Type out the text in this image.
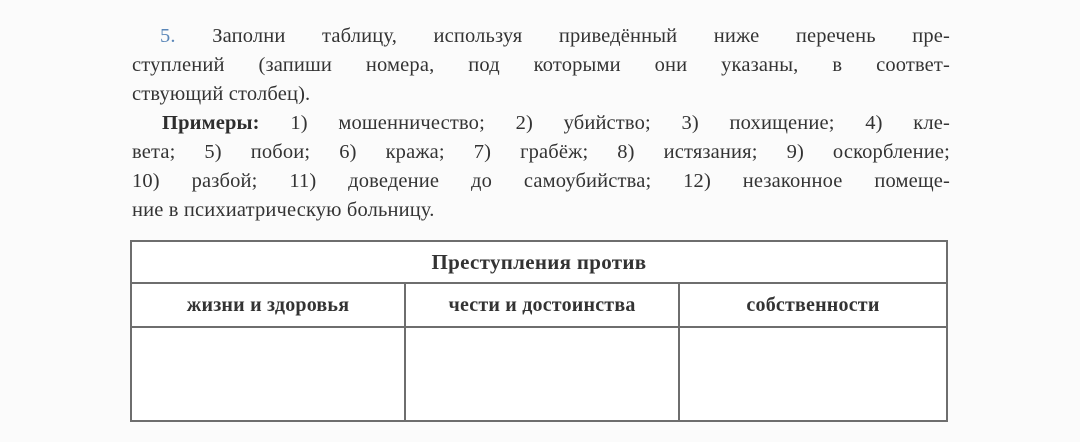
5. Заполни таблицу, используя приведённый ниже перечень пре-
ступлений (запиши номера, под которыми они указаны, в соответ-
ствующий столбец).
Примеры: 1) мошенничество; 2) убийство; 3) похищение; 4) кле-
вета; 5) побои; 6) кража; 7) грабёж; 8) истязания; 9) оскорбление;
10) разбой; 11) доведение до самоубийства; 12) незаконное помеще-
ние в психиатрическую больницу.
Преступления против		
жизни и здоровья	чести и достоинства	собственности
